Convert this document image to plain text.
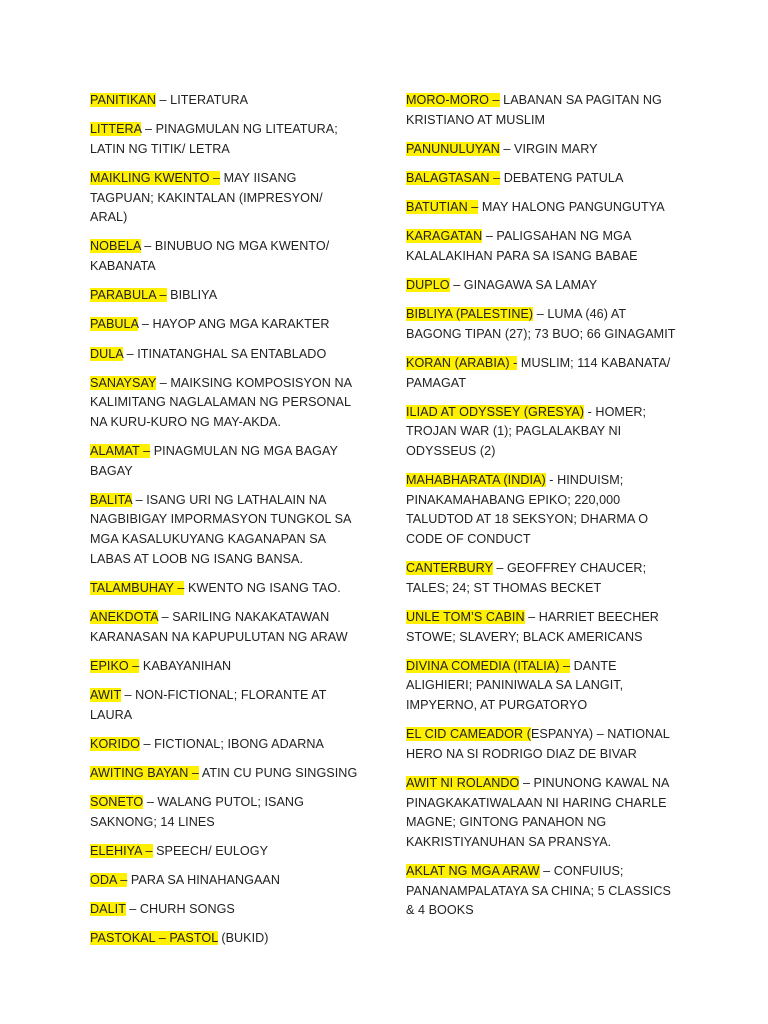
PANITIKAN – LITERATURA

LITTERA – PINAGMULAN NG LITEATURA; LATIN NG TITIK/ LETRA

MAIKLING KWENTO – MAY IISANG TAGPUAN; KAKINTALAN (IMPRESYON/ ARAL)

NOBELA – BINUBUO NG MGA KWENTO/ KABANATA

PARABULA – BIBLIYA

PABULA – HAYOP ANG MGA KARAKTER

DULA – ITINATANGHAL SA ENTABLADO

SANAYSAY – MAIKSING KOMPOSISYON NA KALIMITANG NAGLALAMAN NG PERSONAL NA KURU-KURO NG MAY-AKDA.

ALAMAT – PINAGMULAN NG MGA BAGAY BAGAY

BALITA – ISANG URI NG LATHALAIN NA NAGBIBIGAY IMPORMASYON TUNGKOL SA MGA KASALUKUYANG KAGANAPAN SA LABAS AT LOOB NG ISANG BANSA.

TALAMBUHAY – KWENTO NG ISANG TAO.

ANEKDOTA – SARILING NAKAKATAWAN KARANASAN NA KAPUPULUTAN NG ARAW

EPIKO – KABAYANIHAN

AWIT – NON-FICTIONAL; FLORANTE AT LAURA

KORIDO – FICTIONAL; IBONG ADARNA

AWITING BAYAN – ATIN CU PUNG SINGSING

SONETO – WALANG PUTOL; ISANG SAKNONG; 14 LINES

ELEHIYA – SPEECH/ EULOGY

ODA – PARA SA HINAHANGAAN

DALIT – CHURH SONGS

PASTOKAL – PASTOL (BUKID)

MORO-MORO – LABANAN SA PAGITAN NG KRISTIANO AT MUSLIM

PANUNULUYAN – VIRGIN MARY

BALAGTASAN – DEBATENG PATULA

BATUTIAN – MAY HALONG PANGUNGUTYA

KARAGATAN – PALIGSAHAN NG MGA KALALAKIHAN PARA SA ISANG BABAE

DUPLO – GINAGAWA SA LAMAY

BIBLIYA (PALESTINE) – LUMA (46) AT BAGONG TIPAN (27); 73 BUO; 66 GINAGAMIT

KORAN (ARABIA) - MUSLIM; 114 KABANATA/ PAMAGAT

ILIAD AT ODYSSEY (GRESYA) - HOMER; TROJAN WAR (1); PAGLALAKBAY NI ODYSSEUS (2)

MAHABHARATA (INDIA) - HINDUISM; PINAKAMAHABANG EPIKO; 220,000 TALUDTOD AT 18 SEKSYON; DHARMA O CODE OF CONDUCT

CANTERBURY – GEOFFREY CHAUCER; TALES; 24; ST THOMAS BECKET

UNLE TOM’S CABIN – HARRIET BEECHER STOWE; SLAVERY; BLACK AMERICANS

DIVINA COMEDIA (ITALIA) – DANTE ALIGHIERI; PANINIWALA SA LANGIT, IMPYERNO, AT PURGATORYO

EL CID CAMEADOR (ESPANYA) – NATIONAL HERO NA SI RODRIGO DIAZ DE BIVAR

AWIT NI ROLANDO – PINUNONG KAWAL NA PINAGKAKATIWALAAN NI HARING CHARLE MAGNE; GINTONG PANAHON NG KAKRISTIYANUHAN SA PRANSYA.

AKLAT NG MGA ARAW – CONFUIUS; PANANAMPALATAYA SA CHINA; 5 CLASSICS & 4 BOOKS
